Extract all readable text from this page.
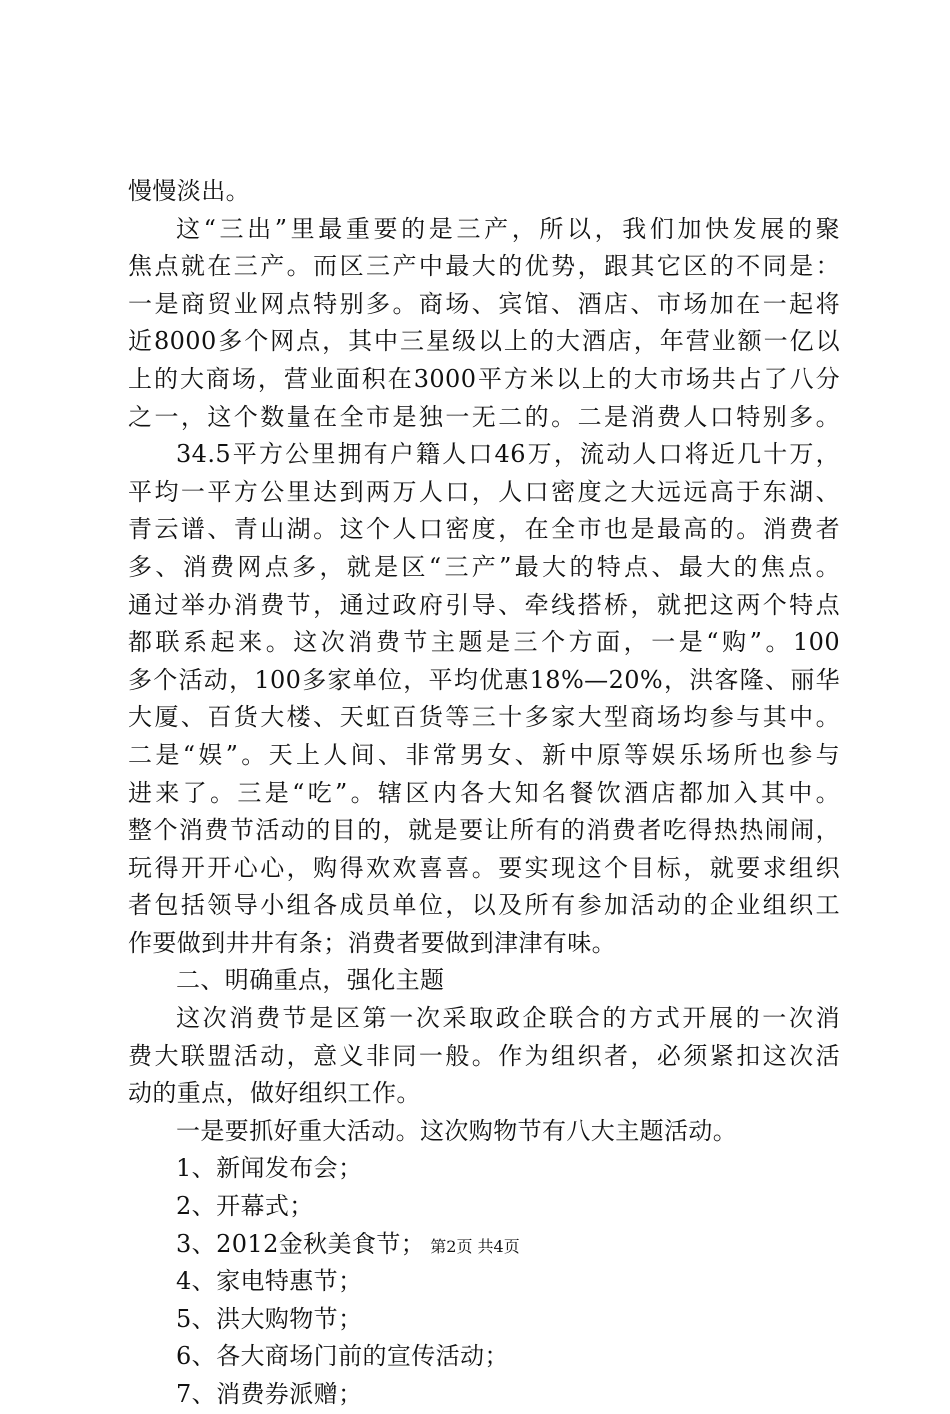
慢慢淡出。
这“三出”里最重要的是三产，所以，我们加快发展的聚
焦点就在三产。而区三产中最大的优势，跟其它区的不同是：
一是商贸业网点特别多。商场、宾馆、酒店、市场加在一起将
近8000多个网点，其中三星级以上的大酒店，年营业额一亿以
上的大商场，营业面积在3000平方米以上的大市场共占了八分
之一，这个数量在全市是独一无二的。二是消费人口特别多。
34.5平方公里拥有户籍人口46万，流动人口将近几十万，
平均一平方公里达到两万人口，人口密度之大远远高于东湖、
青云谱、青山湖。这个人口密度，在全市也是最高的。消费者
多、消费网点多，就是区“三产”最大的特点、最大的焦点。
通过举办消费节，通过政府引导、牵线搭桥，就把这两个特点
都联系起来。这次消费节主题是三个方面，一是“购”。100
多个活动，100多家单位，平均优惠18%—20%，洪客隆、丽华
大厦、百货大楼、天虹百货等三十多家大型商场均参与其中。
二是“娱”。天上人间、非常男女、新中原等娱乐场所也参与
进来了。三是“吃”。辖区内各大知名餐饮酒店都加入其中。
整个消费节活动的目的，就是要让所有的消费者吃得热热闹闹，
玩得开开心心，购得欢欢喜喜。要实现这个目标，就要求组织
者包括领导小组各成员单位，以及所有参加活动的企业组织工
作要做到井井有条；消费者要做到津津有味。
二、明确重点，强化主题
这次消费节是区第一次采取政企联合的方式开展的一次消
费大联盟活动，意义非同一般。作为组织者，必须紧扣这次活
动的重点，做好组织工作。
一是要抓好重大活动。这次购物节有八大主题活动。
1、新闻发布会；
2、开幕式；
3、2012金秋美食节；
4、家电特惠节；
5、洪大购物节；
6、各大商场门前的宣传活动；
7、消费券派赠；
第2页 共4页
